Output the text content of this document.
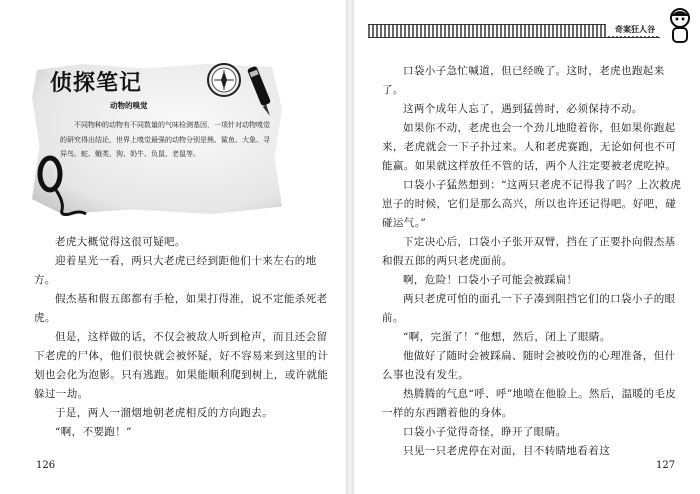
侦探笔记
动物的嗅觉

不同物种的动物有不同数量的气味检测基因，一项针对动物嗅觉的研究得出结论，世界上嗅觉最强的动物分别是熊、鲨鱼、大象、寻异鸟、蛇、蛾类、狗、奶牛、负鼠、老鼠等。

老虎大概觉得这很可疑吧。

迎着星光一看，两只大老虎已经到距他们十来左右的地方。

假杰基和假五郎都有手枪，如果打得准，说不定能杀死老虎。

但是，这样做的话，不仅会被敌人听到枪声，而且还会留下老虎的尸体，他们很快就会被怀疑，好不容易来到这里的计划也会化为泡影。只有逃跑。如果能顺利爬到树上，或许就能躲过一劫。

于是，两人一溜烟地朝老虎相反的方向跑去。

“啊，不要跑！”

126
奇案狂人谷

口袋小子急忙喊道，但已经晚了。这时，老虎也跑起来了。

这两个成年人忘了，遇到猛兽时，必须保持不动。

如果你不动，老虎也会一个劲儿地瞪着你，但如果你跑起来，老虎就会一下子扑过来。人和老虎赛跑，无论如何也不可能赢。如果就这样放任不管的话，两个人注定要被老虎吃掉。

口袋小子猛然想到：“这两只老虎不记得我了吗？上次救虎崽子的时候，它们是那么高兴，所以也许还记得吧。好吧，碰碰运气。”

下定决心后，口袋小子张开双臂，挡在了正要扑向假杰基和假五郎的两只老虎面前。

啊，危险！口袋小子可能会被踩扁！

两只老虎可怕的面孔一下子凑到阻挡它们的口袋小子的眼前。

“啊，完蛋了！”他想，然后，闭上了眼睛。

他做好了随时会被踩扁、随时会被咬伤的心理准备，但什么事也没有发生。

热腾腾的气息“呼、呼”地喷在他脸上。然后，温暖的毛皮一样的东西蹭着他的身体。

口袋小子觉得奇怪，睁开了眼睛。

只见一只老虎停在对面，目不转睛地看着这

127
